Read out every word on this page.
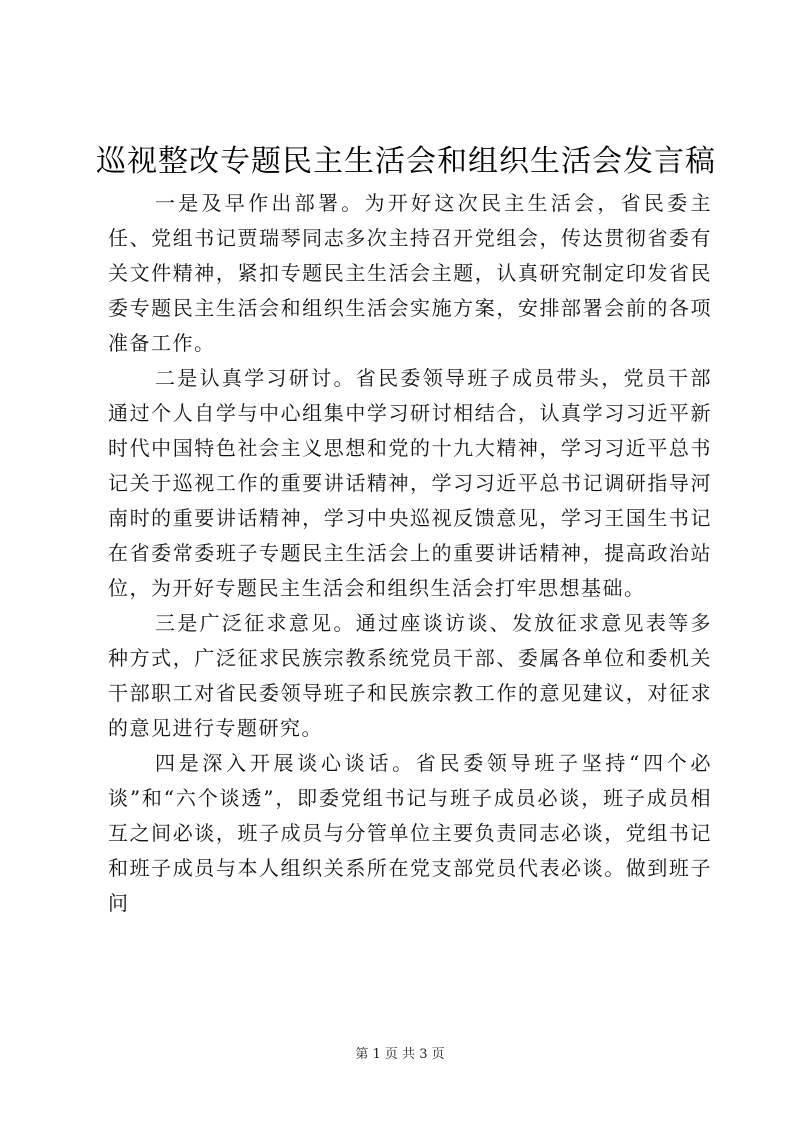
巡视整改专题民主生活会和组织生活会发言稿

一是及早作出部署。为开好这次民主生活会，省民委主任、党组书记贾瑞琴同志多次主持召开党组会，传达贯彻省委有关文件精神，紧扣专题民主生活会主题，认真研究制定印发省民委专题民主生活会和组织生活会实施方案，安排部署会前的各项准备工作。

二是认真学习研讨。省民委领导班子成员带头，党员干部通过个人自学与中心组集中学习研讨相结合，认真学习习近平新时代中国特色社会主义思想和党的十九大精神，学习习近平总书记关于巡视工作的重要讲话精神，学习习近平总书记调研指导河南时的重要讲话精神，学习中央巡视反馈意见，学习王国生书记在省委常委班子专题民主生活会上的重要讲话精神，提高政治站位，为开好专题民主生活会和组织生活会打牢思想基础。

三是广泛征求意见。通过座谈访谈、发放征求意见表等多种方式，广泛征求民族宗教系统党员干部、委属各单位和委机关干部职工对省民委领导班子和民族宗教工作的意见建议，对征求的意见进行专题研究。

四是深入开展谈心谈话。省民委领导班子坚持“四个必谈”和“六个谈透”，即委党组书记与班子成员必谈，班子成员相互之间必谈，班子成员与分管单位主要负责同志必谈，党组书记和班子成员与本人组织关系所在党支部党员代表必谈。做到班子问

第 1 页 共 3 页
